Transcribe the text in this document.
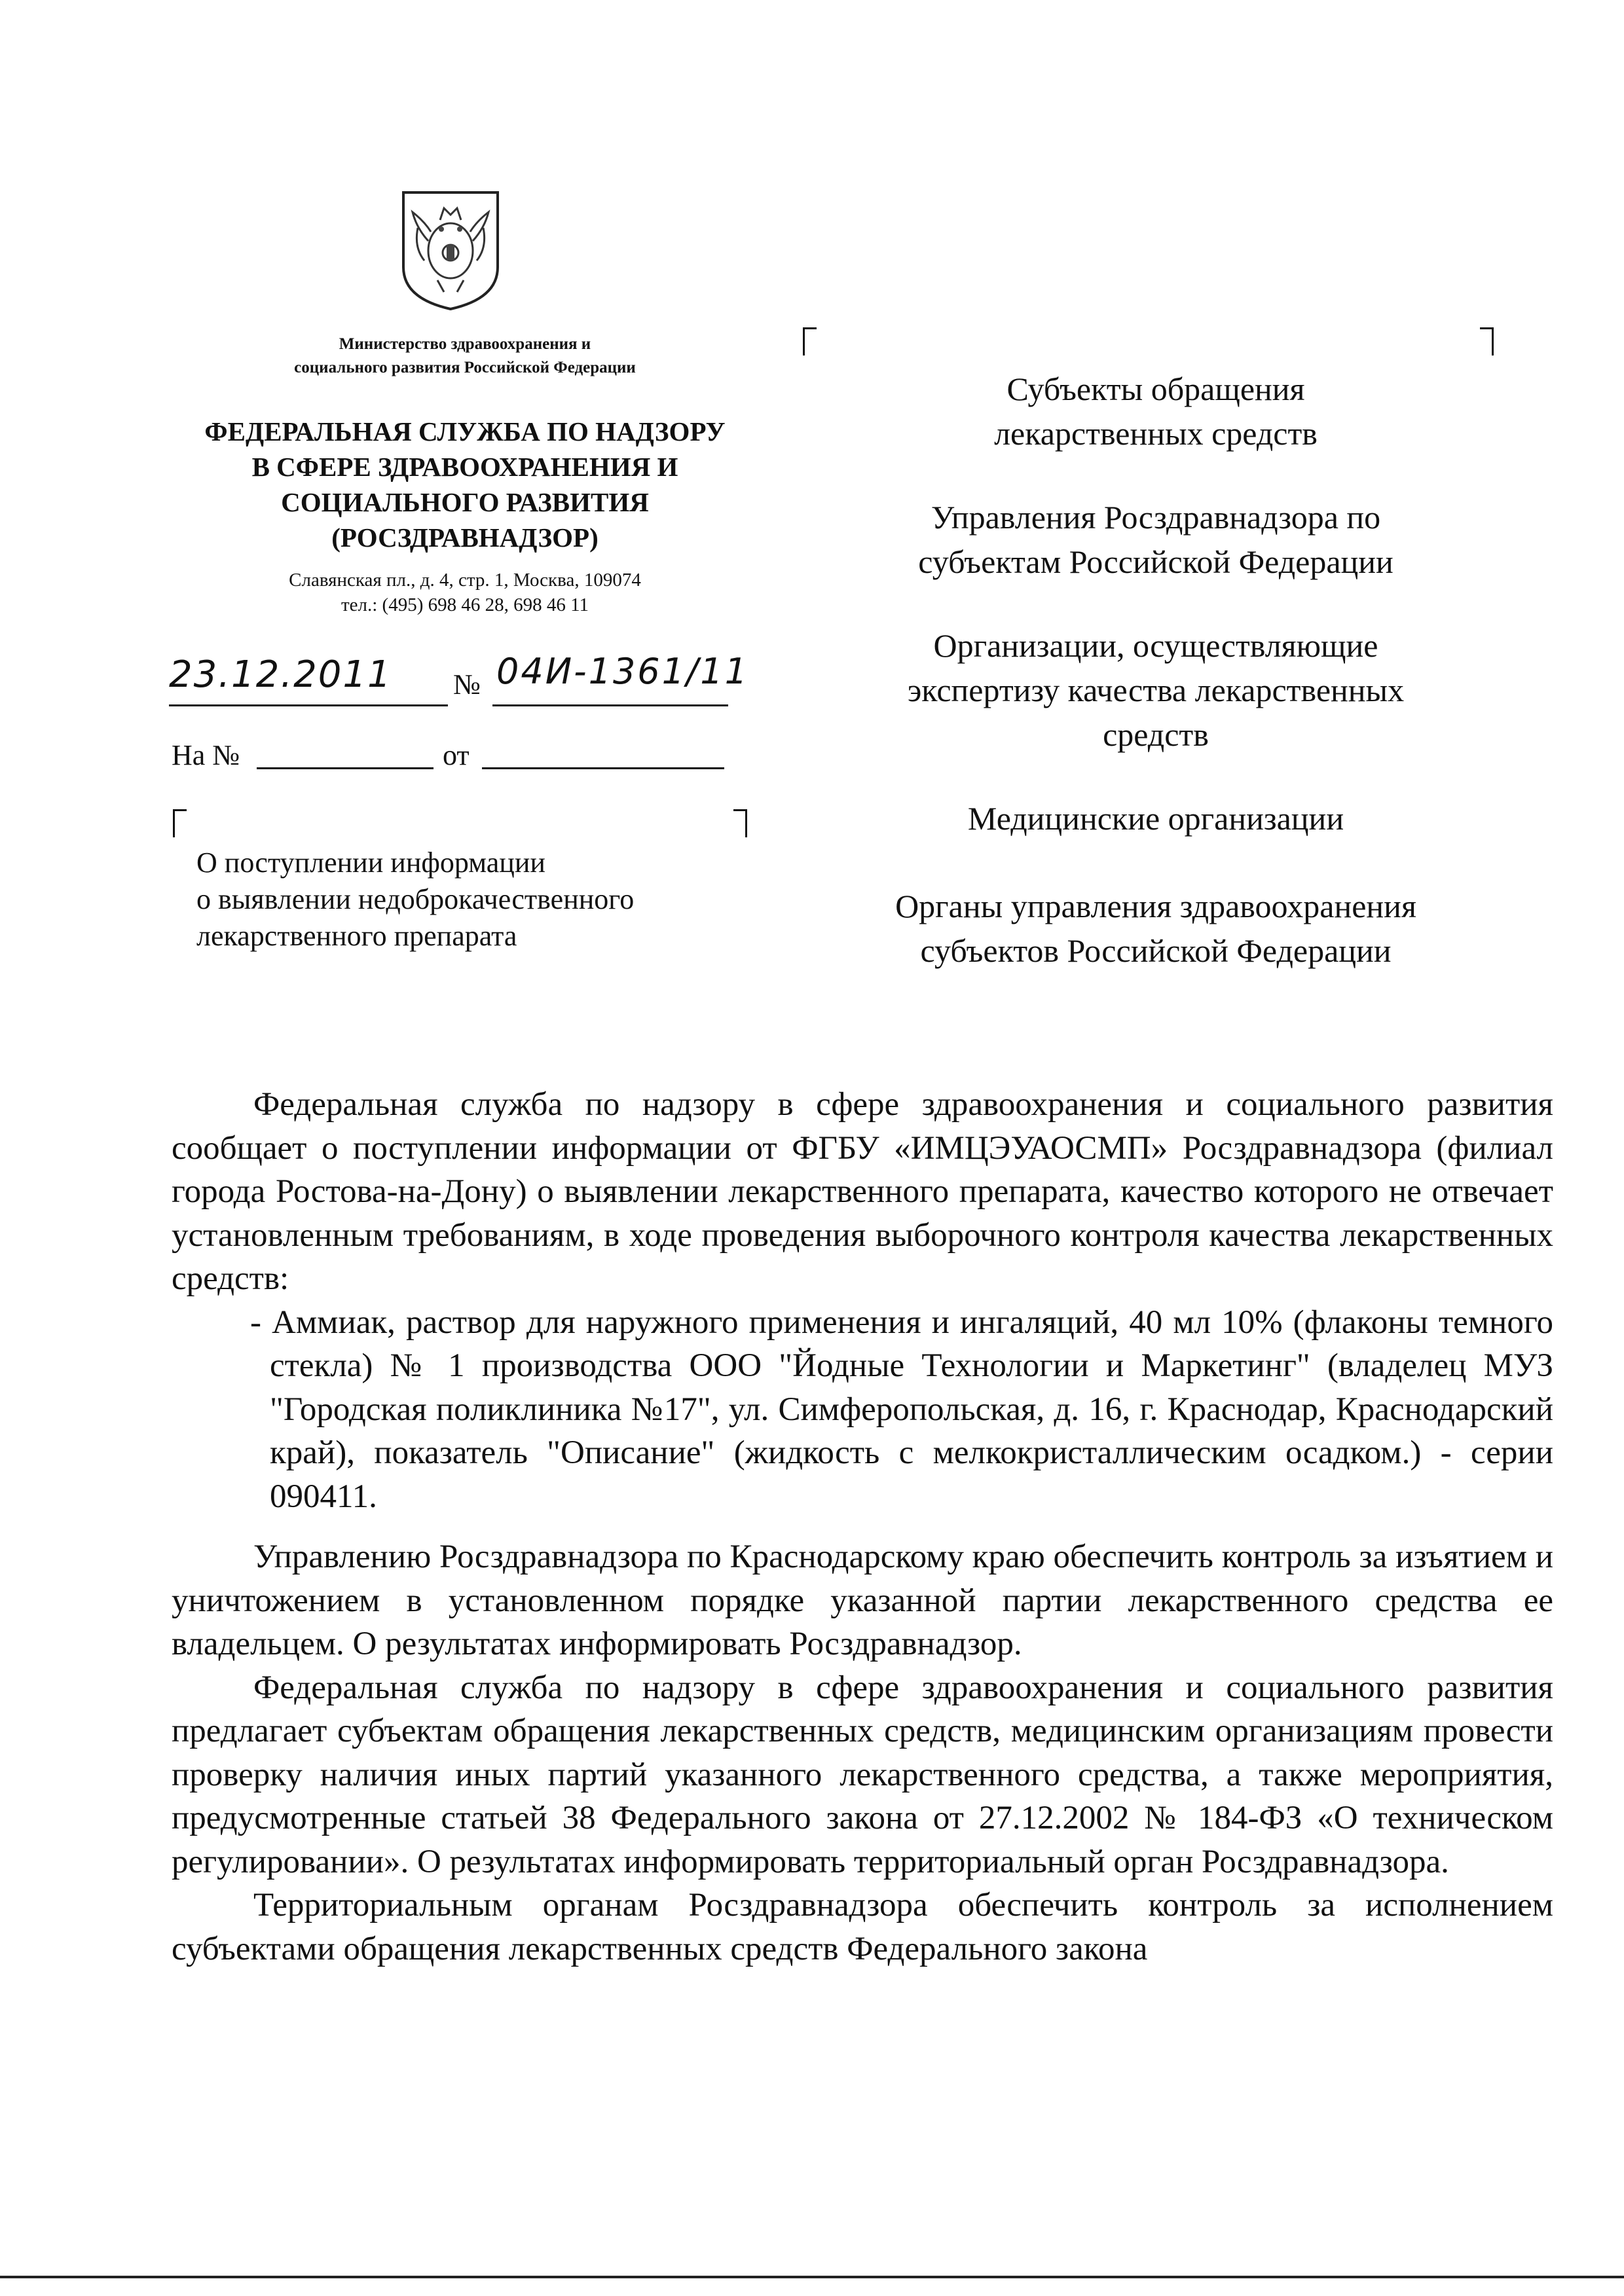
Министерство здравоохранения и
социального развития Российской Федерации
ФЕДЕРАЛЬНАЯ СЛУЖБА ПО НАДЗОРУ
В СФЕРЕ ЗДРАВООХРАНЕНИЯ И
СОЦИАЛЬНОГО РАЗВИТИЯ
(РОСЗДРАВНАДЗОР)
Славянская пл., д. 4, стр. 1, Москва, 109074
тел.: (495) 698 46 28, 698 46 11
23.12.2011 № 04И-1361/11
На №	от
О поступлении информации
о выявлении недоброкачественного
лекарственного препарата
Субъекты обращения
лекарственных средств
Управления Росздравнадзора по
субъектам Российской Федерации
Организации, осуществляющие
экспертизу качества лекарственных
средств
Медицинские организации
Органы управления здравоохранения
субъектов Российской Федерации

Федеральная служба по надзору в сфере здравоохранения и социального развития сообщает о поступлении информации от ФГБУ «ИМЦЭУАОСМП» Росздравнадзора (филиал города Ростова-на-Дону) о выявлении лекарственного препарата, качество которого не отвечает установленным требованиям, в ходе проведения выборочного контроля качества лекарственных средств:

- Аммиак, раствор для наружного применения и ингаляций, 40 мл 10% (флаконы темного стекла) № 1 производства ООО "Йодные Технологии и Маркетинг" (владелец МУЗ "Городская поликлиника №17", ул. Симферопольская, д. 16, г. Краснодар, Краснодарский край), показатель "Описание" (жидкость с мелкокристаллическим осадком.) - серии 090411.

Управлению Росздравнадзора по Краснодарскому краю обеспечить контроль за изъятием и уничтожением в установленном порядке указанной партии лекарственного средства ее владельцем. О результатах информировать Росздравнадзор.

Федеральная служба по надзору в сфере здравоохранения и социального развития предлагает субъектам обращения лекарственных средств, медицинским организациям провести проверку наличия иных партий указанного лекарственного средства, а также мероприятия, предусмотренные статьей 38 Федерального закона от 27.12.2002 № 184-ФЗ «О техническом регулировании». О результатах информировать территориальный орган Росздравнадзора.

Территориальным органам Росздравнадзора обеспечить контроль за исполнением субъектами обращения лекарственных средств Федерального закона
